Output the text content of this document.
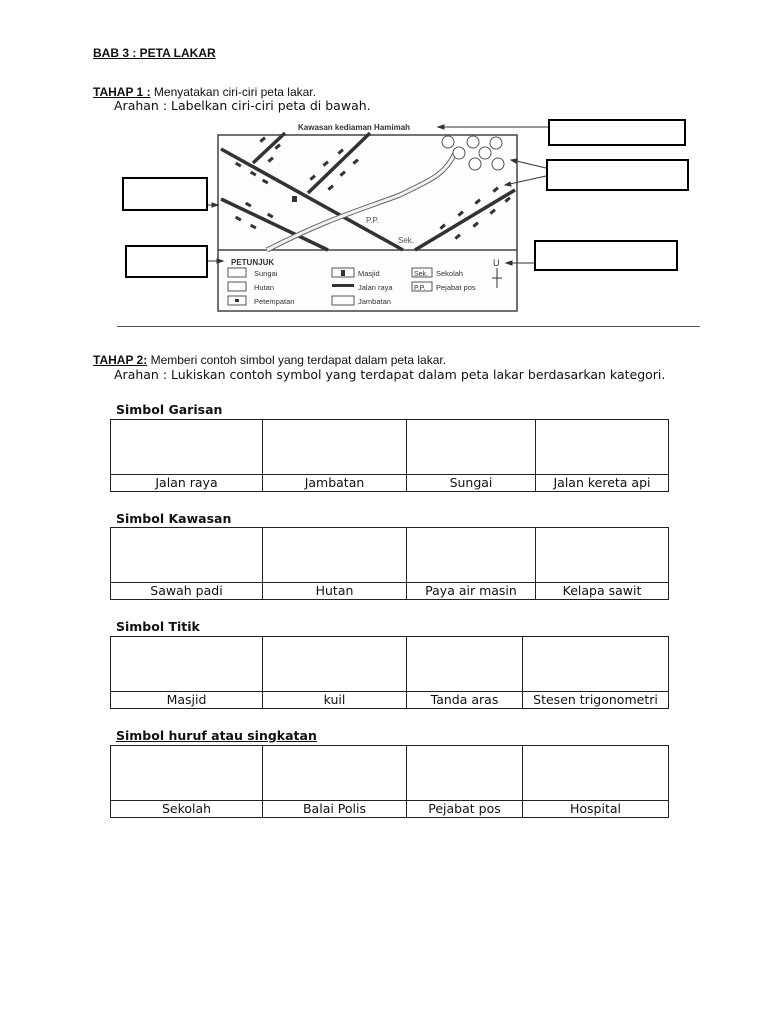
BAB 3 : PETA LAKAR
TAHAP 1 : Menyatakan ciri-ciri peta lakar.
Arahan : Labelkan ciri-ciri peta di bawah.
P.P.
Sek.
Kawasan kediaman Hamimah
PETUNJUK	U
Sungai
Hutan
Petempatan
Masjid
Jalan raya
Jambatan
Sek. Sekolah
P.P. Pejabat pos
TAHAP 2: Memberi contoh simbol yang terdapat dalam peta lakar.
Arahan : Lukiskan contoh symbol yang terdapat dalam peta lakar berdasarkan kategori.
Simbol Garisan

Jalan raya	Jambatan	Sungai	Jalan kereta api
Simbol Kawasan

Sawah padi	Hutan	Paya air masin	Kelapa sawit
Simbol Titik

Masjid	kuil	Tanda aras	Stesen trigonometri
Simbol huruf atau singkatan

Sekolah	Balai Polis	Pejabat pos	Hospital
